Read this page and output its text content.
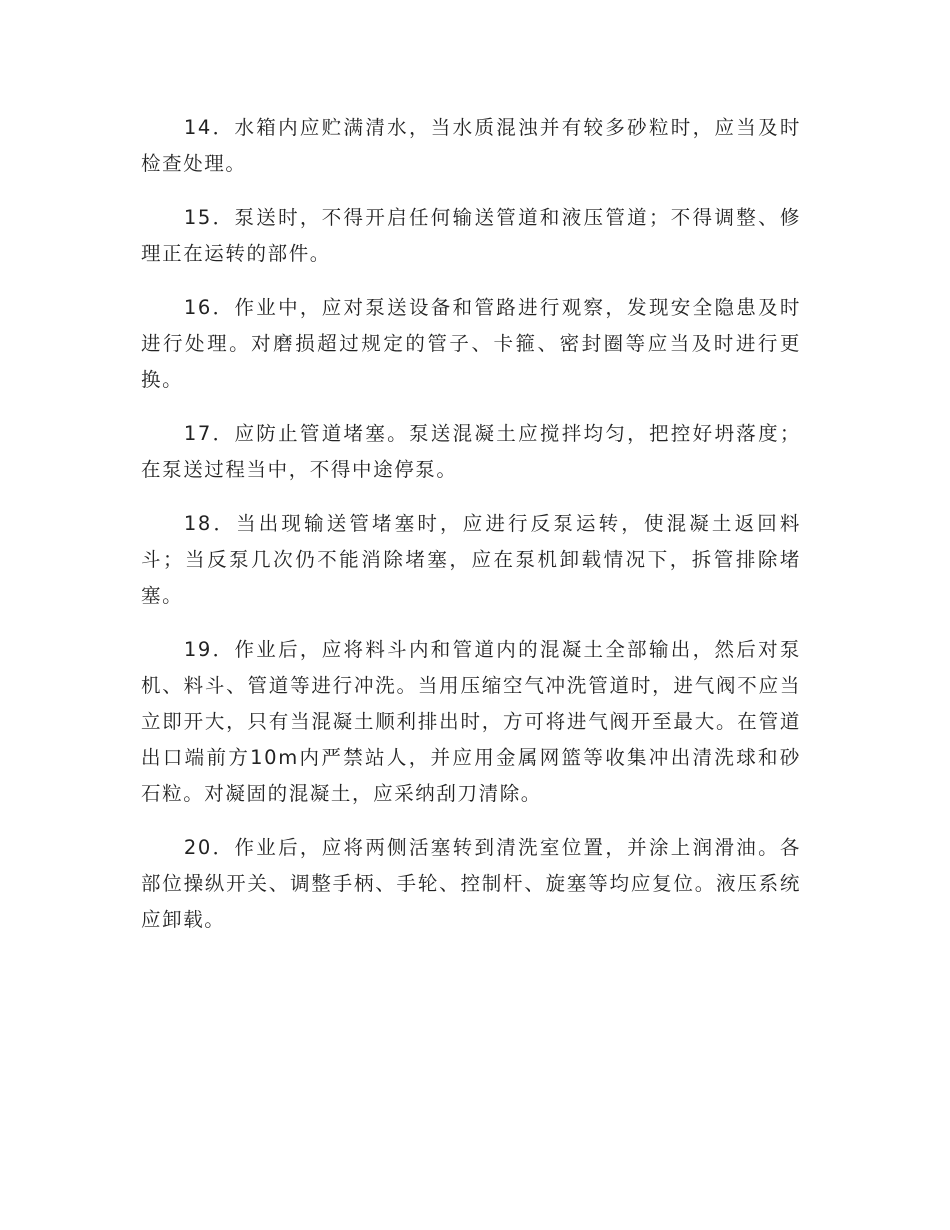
14．水箱内应贮满清水，当水质混浊并有较多砂粒时，应当及时检查处理。

15．泵送时，不得开启任何输送管道和液压管道；不得调整、修理正在运转的部件。

16．作业中，应对泵送设备和管路进行观察，发现安全隐患及时进行处理。对磨损超过规定的管子、卡箍、密封圈等应当及时进行更换。

17．应防止管道堵塞。泵送混凝土应搅拌均匀，把控好坍落度；在泵送过程当中，不得中途停泵。

18．当出现输送管堵塞时，应进行反泵运转，使混凝土返回料斗；当反泵几次仍不能消除堵塞，应在泵机卸载情况下，拆管排除堵塞。

19．作业后，应将料斗内和管道内的混凝土全部输出，然后对泵机、料斗、管道等进行冲洗。当用压缩空气冲洗管道时，进气阀不应当立即开大，只有当混凝土顺利排出时，方可将进气阀开至最大。在管道出口端前方10m内严禁站人，并应用金属网篮等收集冲出清洗球和砂石粒。对凝固的混凝土，应采纳刮刀清除。

20．作业后，应将两侧活塞转到清洗室位置，并涂上润滑油。各部位操纵开关、调整手柄、手轮、控制杆、旋塞等均应复位。液压系统应卸载。
